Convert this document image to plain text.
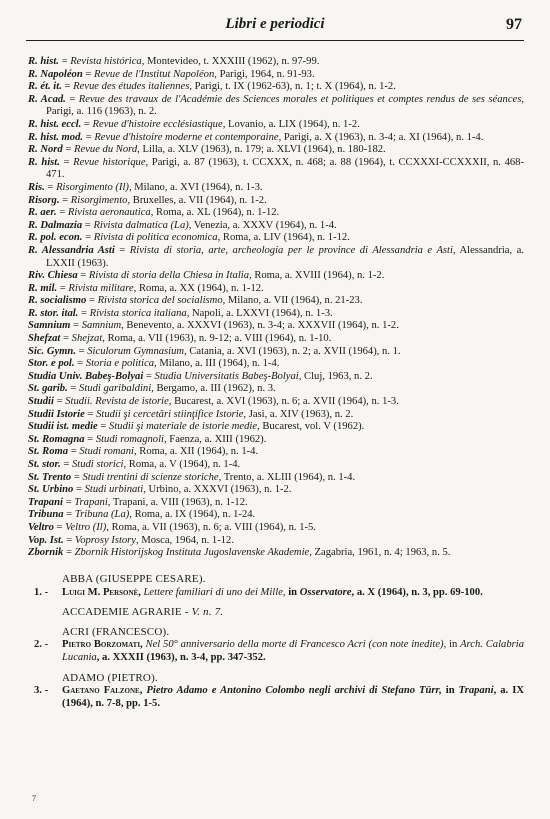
Libri e periodici	97

R. hist. = Revista histórica, Montevideo, t. XXXIII (1962), n. 97-99.

R. Napoléon = Revue de l'Institut Napoléon, Parigi, 1964, n. 91-93.

R. ét. it. = Revue des études italiennes, Parigi, t. IX (1962-63), n. 1; t. X (1964), n. 1-2.

R. Acad. = Revue des travaux de l'Académie des Sciences morales et politiques et comptes rendus de ses séances, Parigi, a. 116 (1963), n. 2.

R. hist. eccl. = Revue d'histoire ecclésiastique, Lovanio, a. LIX (1964), n. 1-2.

R. hist. mod. = Revue d'histoire moderne et contemporaine, Parigi, a. X (1963), n. 3-4; a. XI (1964), n. 1-4.

R. Nord = Revue du Nord, Lilla, a. XLV (1963), n. 179; a. XLVI (1964), n. 180-182.

R. hist. = Revue historique, Parigi, a. 87 (1963), t. CCXXX, n. 468; a. 88 (1964), t. CCXXXI-CCXXXII, n. 468-471.

Ris. = Risorgimento (Il), Milano, a. XVI (1964), n. 1-3.

Risorg. = Risorgimento, Bruxelles, a. VII (1964), n. 1-2.

R. aer. = Rivista aeronautica, Roma, a. XL (1964), n. 1-12.

R. Dalmazia = Rivista dalmatica (La), Venezia, a. XXXV (1964), n. 1-4.

R. pol. econ. = Rivista di politica economica, Roma, a. LIV (1964), n. 1-12.

R. Alessandria Asti = Rivista di storia, arte, archeologia per le province di Alessandria e Asti, Alessandria, a. LXXII (1963).

Riv. Chiesa = Rivista di storia della Chiesa in Italia, Roma, a. XVIII (1964), n. 1-2.

R. mil. = Rivista militare, Roma, a. XX (1964), n. 1-12.

R. socialismo = Rivista storica del socialismo, Milano, a. VII (1964), n. 21-23.

R. stor. ital. = Rivista storica italiana, Napoli, a. LXXVI (1964), n. 1-3.

Samnium = Samnium, Benevento, a. XXXVI (1963), n. 3-4; a. XXXVII (1964), n. 1-2.

Shefzat = Shejzat, Roma, a. VII (1963), n. 9-12; a. VIII (1964), n. 1-10.

Sic. Gymn. = Siculorum Gymnasium, Catania, a. XVI (1963), n. 2; a. XVII (1964), n. 1.

Stor. e pol. = Storia e politica, Milano, a. III (1964), n. 1-4.

Studia Univ. Babeş-Bolyai = Studia Universitatis Babeş-Bolyai, Cluj, 1963, n. 2.

St. garib. = Studi garibaldini, Bergamo, a. III (1962), n. 3.

Studii = Studii. Revista de istorie, Bucarest, a. XVI (1963), n. 6; a. XVII (1964), n. 1-3.

Studii Istorie = Studii şi cercetări stiinţifice Istorie, Jasi, a. XIV (1963), n. 2.

Studii ist. medie = Studii şi materiale de istorie medie, Bucarest, vol. V (1962).

St. Romagna = Studi romagnoli, Faenza, a. XIII (1962).

St. Roma = Studi romani, Roma, a. XII (1964), n. 1-4.

St. stor. = Studi storici, Roma, a. V (1964), n. 1-4.

St. Trento = Studi trentini di scienze storiche, Trento, a. XLIII (1964), n. 1-4.

St. Urbino = Studi urbinati, Urbino, a. XXXVI (1963), n. 1-2.

Trapani = Trapani, Trapani, a. VIII (1963), n. 1-12.

Tribuna = Tribuna (La), Roma, a. IX (1964), n. 1-24.

Veltro = Veltro (Il), Roma, a. VII (1963), n. 6; a. VIII (1964), n. 1-5.

Vop. Ist. = Voprosy Istory, Mosca, 1964, n. 1-12.

Zbornik = Zbornik Historijskog Instituta Jugoslavenske Akademie, Zagabria, 1961, n. 4; 1963, n. 5.

ABBA (GIUSEPPE CESARE).

1. - Luigi M. Personè, Lettere familiari di uno dei Mille, in Osservatore, a. X (1964), n. 3, pp. 69-100.

ACCADEMIE AGRARIE - V. n. 7.

ACRI (FRANCESCO).

2. - Pietro Borzomati, Nel 50° anniversario della morte di Francesco Acri (con note inedite), in Arch. Calabria Lucania, a. XXXII (1963), n. 3-4, pp. 347-352.

ADAMO (PIETRO).

3. - Gaetano Falzone, Pietro Adamo e Antonino Colombo negli archivi di Stefano Türr, in Trapani, a. IX (1964), n. 7-8, pp. 1-5.

7
